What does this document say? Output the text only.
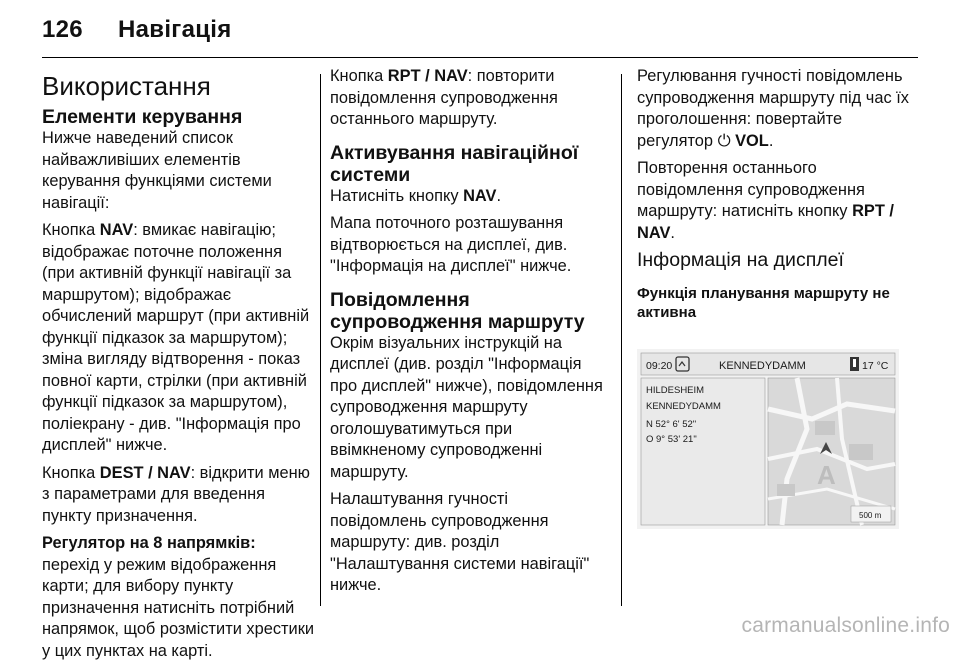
126 Навігація
Використання
Елементи керування

Нижче наведений список найважливіших елементів керування функціями системи навігації:

Кнопка NAV: вмикає навігацію; відображає поточне положення (при активній функції навігації за маршрутом); відображає обчислений маршрут (при активній функції підказок за маршрутом); зміна вигляду відтворення - показ повної карти, стрілки (при активній функції підказок за маршрутом), поліекрану - див. "Інформація про дисплей" нижче.

Кнопка DEST / NAV: відкрити меню з параметрами для введення пункту призначення.

Регулятор на 8 напрямків: перехід у режим відображення карти; для вибору пункту призначення натисніть потрібний напрямок, щоб розмістити хрестики у цих пунктах на карті.

Кнопка RPT / NAV: повторити повідомлення супроводження останнього маршруту.

Активування навігаційної системи

Натисніть кнопку NAV.

Мапа поточного розташування відтворюється на дисплеї, див. "Інформація на дисплеї" нижче.

Повідомлення супроводження маршруту

Окрім візуальних інструкцій на дисплеї (див. розділ "Інформація про дисплей" нижче), повідомлення супроводження маршруту оголошуватимуться при ввімкненому супроводженні маршруту.

Налаштування гучності повідомлень супроводження маршруту: див. розділ "Налаштування системи навігації" нижче.

Регулювання гучності повідомлень супроводження маршруту під час їх проголошення: повертайте регулятор ⏻ VOL.

Повторення останнього повідомлення супроводження маршруту: натисніть кнопку RPT / NAV.

Інформація на дисплеї
Функція планування маршруту не активна
09:20	KENNEDYDAMM	17 °C
HILDESHEIM
KENNEDYDAMM
N 52° 6' 52"
O 9° 53' 21"
A
500 m
carmanualsonline.info
